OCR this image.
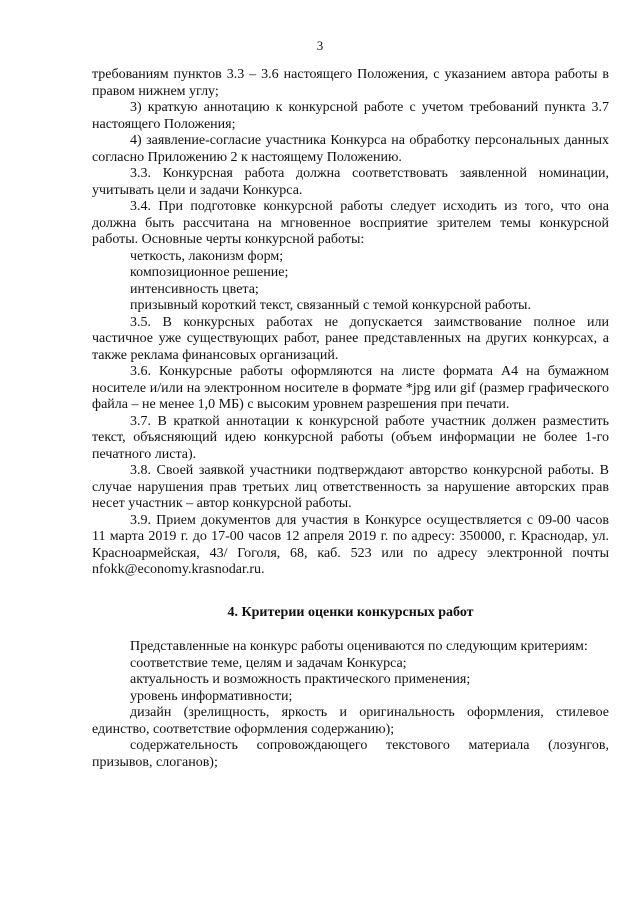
3

требованиям пунктов 3.3 – 3.6 настоящего Положения, с указанием автора работы в правом нижнем углу;

3) краткую аннотацию к конкурсной работе с учетом требований пункта 3.7 настоящего Положения;

4) заявление-согласие участника Конкурса на обработку персональных данных согласно Приложению 2 к настоящему Положению.

3.3. Конкурсная работа должна соответствовать заявленной номинации, учитывать цели и задачи Конкурса.

3.4. При подготовке конкурсной работы следует исходить из того, что она должна быть рассчитана на мгновенное восприятие зрителем темы конкурсной работы. Основные черты конкурсной работы:

четкость, лаконизм форм;

композиционное решение;

интенсивность цвета;

призывный короткий текст, связанный с темой конкурсной работы.

3.5. В конкурсных работах не допускается заимствование полное или частичное уже существующих работ, ранее представленных на других конкурсах, а также реклама финансовых организаций.

3.6. Конкурсные работы оформляются на листе формата А4 на бумажном носителе и/или на электронном носителе в формате *jpg или gif (размер графического файла – не менее 1,0 МБ) с высоким уровнем разрешения при печати.

3.7. В краткой аннотации к конкурсной работе участник должен разместить текст, объясняющий идею конкурсной работы (объем информации не более 1-го печатного листа).

3.8. Своей заявкой участники подтверждают авторство конкурсной работы. В случае нарушения прав третьих лиц ответственность за нарушение авторских прав несет участник – автор конкурсной работы.

3.9. Прием документов для участия в Конкурсе осуществляется с 09-00 часов 11 марта 2019 г. до 17-00 часов 12 апреля 2019 г. по адресу: 350000, г. Краснодар, ул. Красноармейская, 43/ Гоголя, 68, каб. 523 или по адресу электронной почты nfokk@economy.krasnodar.ru.

4. Критерии оценки конкурсных работ

Представленные на конкурс работы оцениваются по следующим критериям:

соответствие теме, целям и задачам Конкурса;

актуальность и возможность практического применения;

уровень информативности;

дизайн (зрелищность, яркость и оригинальность оформления, стилевое единство, соответствие оформления содержанию);

содержательность сопровождающего текстового материала (лозунгов, призывов, слоганов);
